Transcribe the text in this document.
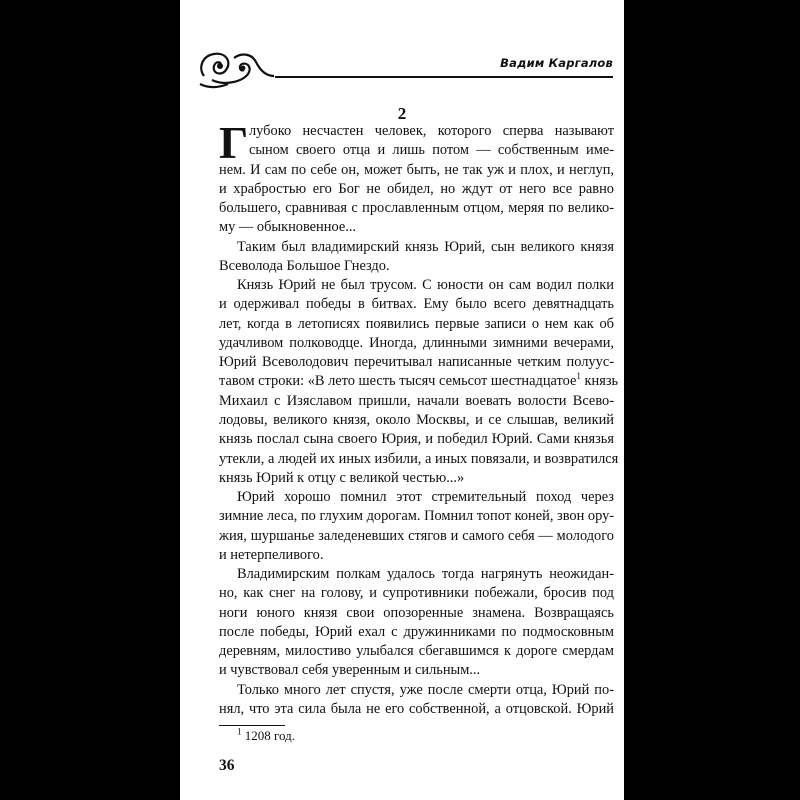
Вадим Каргалов
2
Г лубоко несчастен человек, которого сперва называют
сыном своего отца и лишь потом — собственным име-
нем. И сам по себе он, может быть, не так уж и плох, и неглуп,
и храбростью его Бог не обидел, но ждут от него все равно
большего, сравнивая с прославленным отцом, меряя по велико-
му — обыкновенное...
Таким был владимирский князь Юрий, сын великого князя
Всеволода Большое Гнездо.
Князь Юрий не был трусом. С юности он сам водил полки
и одерживал победы в битвах. Ему было всего девятнадцать
лет, когда в летописях появились первые записи о нем как об
удачливом полководце. Иногда, длинными зимними вечерами,
Юрий Всеволодович перечитывал написанные четким полуус-
тавом строки: «В лето шесть тысяч семьсот шестнадцатое$^1$ князь
Михаил с Изяславом пришли, начали воевать волости Всево-
лодовы, великого князя, около Москвы, и се слышав, великий
князь послал сына своего Юрия, и победил Юрий. Сами князья
утекли, а людей их иных избили, а иных повязали, и возвратился
князь Юрий к отцу с великой честью...»
Юрий хорошо помнил этот стремительный поход через
зимние леса, по глухим дорогам. Помнил топот коней, звон ору-
жия, шуршанье заледеневших стягов и самого себя — молодого
и нетерпеливого.
Владимирским полкам удалось тогда нагрянуть неожидан-
но, как снег на голову, и супротивники побежали, бросив под
ноги юного князя свои опозоренные знамена. Возвращаясь
после победы, Юрий ехал с дружинниками по подмосковным
деревням, милостиво улыбался сбегавшимся к дороге смердам
и чувствовал себя уверенным и сильным...
Только много лет спустя, уже после смерти отца, Юрий по-
нял, что эта сила была не его собственной, а отцовской. Юрий
$^1$ 1208 год.
36
